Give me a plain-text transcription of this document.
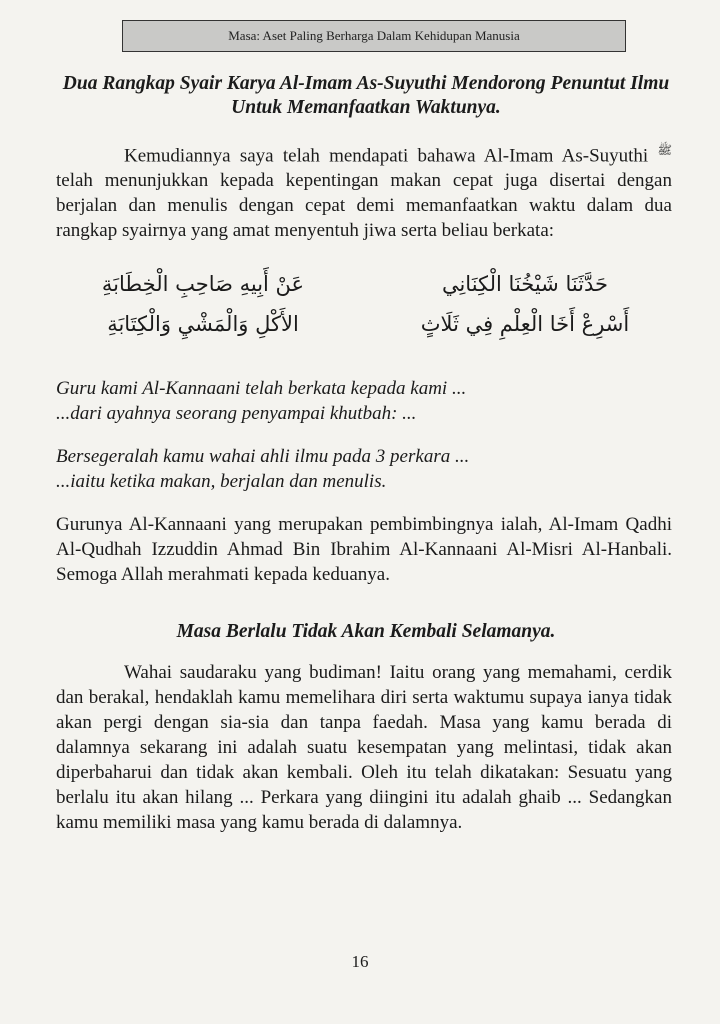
Masa: Aset Paling Berharga Dalam Kehidupan Manusia
Dua Rangkap Syair Karya Al-Imam As-Suyuthi Mendorong Penuntut Ilmu
Untuk Memanfaatkan Waktunya.
Kemudiannya saya telah mendapati bahawa Al-Imam As-Suyuthi $^ﷺ$ telah menunjukkan kepada kepentingan makan cepat juga disertai dengan berjalan dan menulis dengan cepat demi memanfaatkan waktu dalam dua rangkap syairnya yang amat menyentuh jiwa serta beliau berkata:
حَدَّثَنَا شَيْخُنَا الْكِنَانِي
عَنْ أَبِيهِ صَاحِبِ الْخِطَابَةِ
أَسْرِعْ أَخَا الْعِلْمِ فِي ثَلَاثٍ
الأَكْلِ وَالْمَشْيِ وَالْكِتَابَةِ
Guru kami Al-Kannaani telah berkata kepada kami ...
...dari ayahnya seorang penyampai khutbah: ...
Bersegeralah kamu wahai ahli ilmu pada 3 perkara ...
...iaitu ketika makan, berjalan dan menulis.
Gurunya Al-Kannaani yang merupakan pembimbingnya ialah, Al-Imam Qadhi Al-Qudhah Izzuddin Ahmad Bin Ibrahim Al-Kannaani Al-Misri Al-Hanbali. Semoga Allah merahmati kepada keduanya.
Masa Berlalu Tidak Akan Kembali Selamanya.
Wahai saudaraku yang budiman! Iaitu orang yang memahami, cerdik dan berakal, hendaklah kamu memelihara diri serta waktumu supaya ianya tidak akan pergi dengan sia-sia dan tanpa faedah. Masa yang kamu berada di dalamnya sekarang ini adalah suatu kesempatan yang melintasi, tidak akan diperbaharui dan tidak akan kembali. Oleh itu telah dikatakan: Sesuatu yang berlalu itu akan hilang ... Perkara yang diingini itu adalah ghaib ... Sedangkan kamu memiliki masa yang kamu berada di dalamnya.
16
